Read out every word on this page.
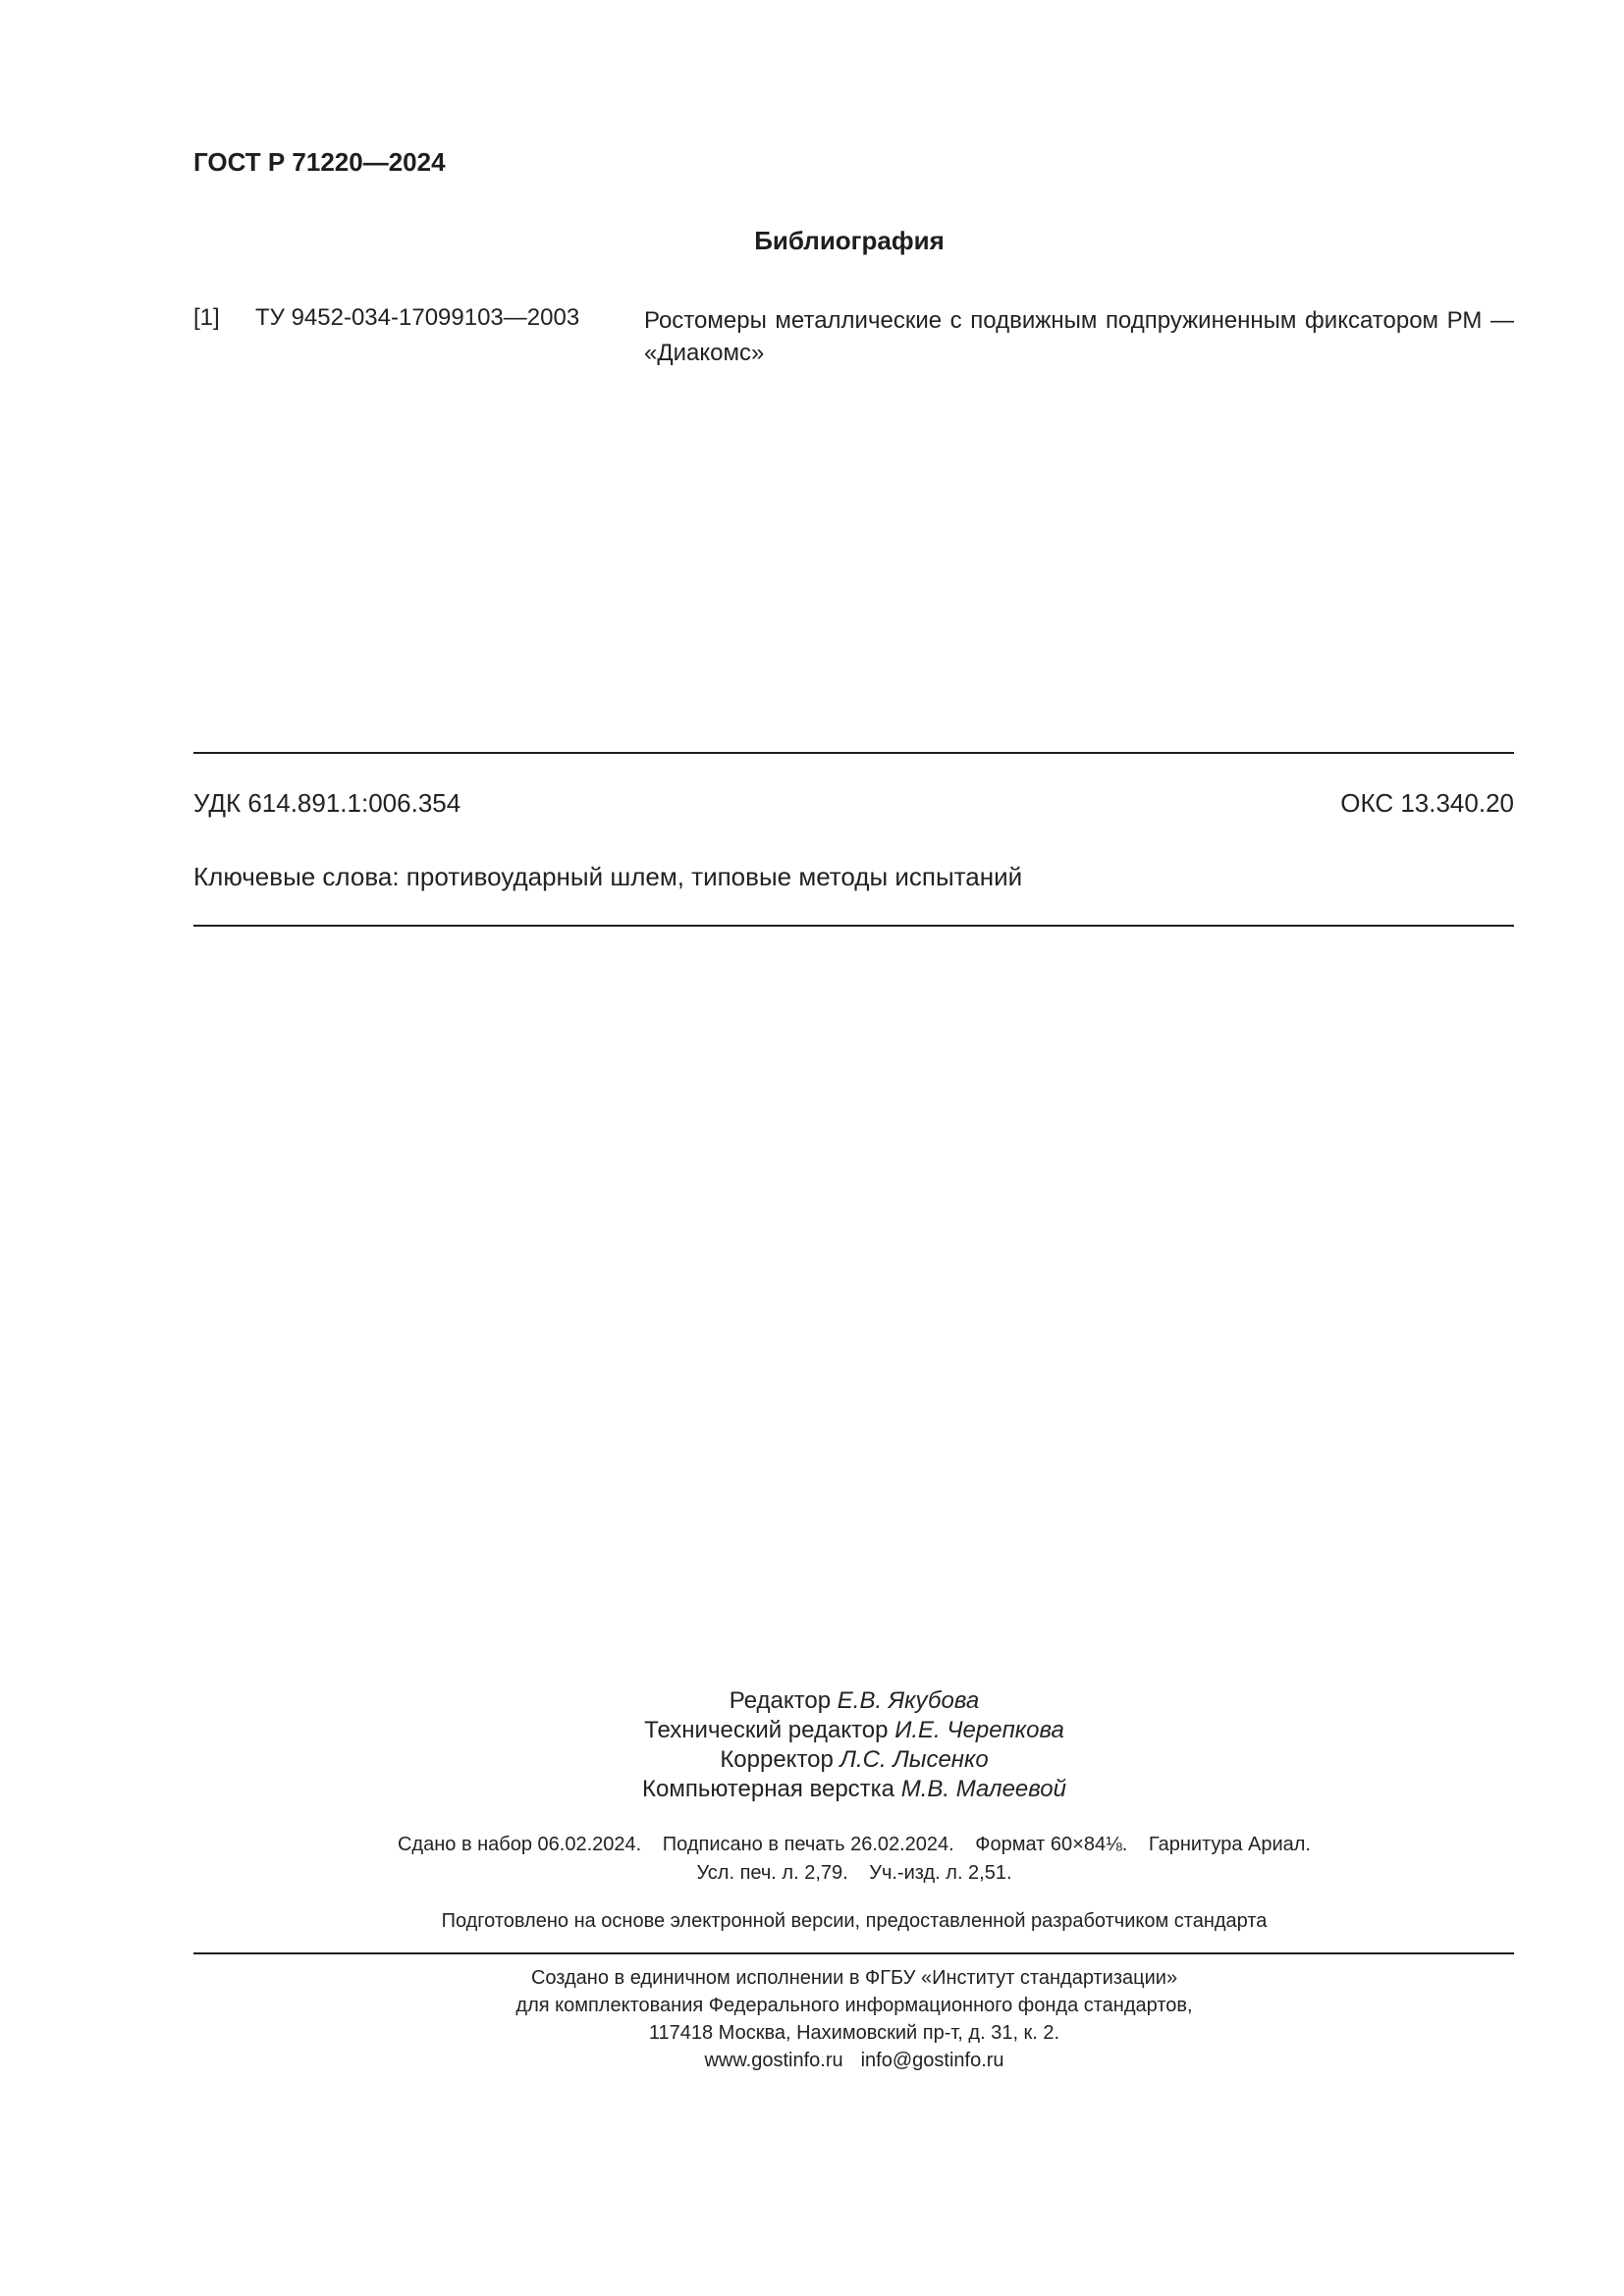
ГОСТ Р 71220—2024
Библиография
[1] ТУ 9452-034-17099103—2003	Ростомеры металлические с подвижным подпружиненным фиксатором РМ — «Диакомс»
УДК 614.891.1:006.354	ОКС 13.340.20
Ключевые слова: противоударный шлем, типовые методы испытаний
Редактор Е.В. Якубова
Технический редактор И.Е. Черепкова
Корректор Л.С. Лысенко
Компьютерная верстка М.В. Малеевой
Сдано в набор 06.02.2024. Подписано в печать 26.02.2024. Формат 60×84⅛. Гарнитура Ариал.
Усл. печ. л. 2,79. Уч.-изд. л. 2,51.
Подготовлено на основе электронной версии, предоставленной разработчиком стандарта
Создано в единичном исполнении в ФГБУ «Институт стандартизации»
для комплектования Федерального информационного фонда стандартов,
117418 Москва, Нахимовский пр-т, д. 31, к. 2.
www.gostinfo.ru info@gostinfo.ru
